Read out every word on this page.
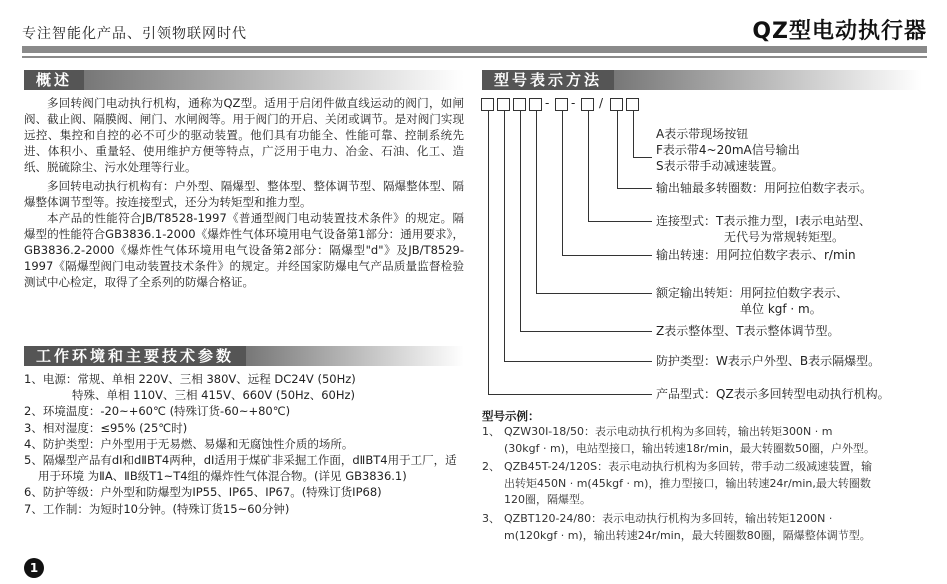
专注智能化产品、引领物联网时代	QZ型电动执行器
概述

多回转阀门电动执行机构，通称为QZ型。适用于启闭件做直线运动的阀门，如闸阀、截止阀、隔膜阀、闸门、水闸阀等。用于阀门的开启、关闭或调节。是对阀门实现远控、集控和自控的必不可少的驱动装置。他们具有功能全、性能可靠、控制系统先进、体积小、重量轻、使用维护方便等特点，广泛用于电力、冶金、石油、化工、造纸、脱硫除尘、污水处理等行业。

多回转电动执行机构有：户外型、隔爆型、整体型、整体调节型、隔爆整体型、隔爆整体调节型等。按连接型式，还分为转矩型和推力型。

本产品的性能符合JB/T8528-1997《普通型阀门电动装置技术条件》的规定。隔爆型的性能符合GB3836.1-2000《爆炸性气体环境用电气设备第1部分：通用要求》，GB3836.2-2000《爆炸性气体环境用电气设备第2部分：隔爆型"d"》及JB/T8529-1997《隔爆型阀门电动装置技术条件》的规定。并经国家防爆电气产品质量监督检验测试中心检定，取得了全系列的防爆合格证。

工作环境和主要技术参数
1、电源：常规、单相 220V、三相 380V、远程 DC24V (50Hz)
特殊、单相 110V、三相 415V、660V (50Hz、60Hz)
2、环境温度：-20~+60℃ (特殊订货-60~+80℃)
3、相对湿度：≤95% (25℃时)
4、防护类型：户外型用于无易燃、易爆和无腐蚀性介质的场所。
5、隔爆型产品有dⅠ和dⅡBT4两种，dⅠ适用于煤矿非采掘工作面，dⅡBT4用于工厂，适用于环境 为ⅡA、ⅡB级T1~T4组的爆炸性气体混合物。(详见 GB3836.1)
6、防护等级：户外型和防爆型为IP55、IP65、IP67。(特殊订货IP68)
7、工作制：为短时10分钟。(特殊订货15~60分钟)
型号表示方法
- - /
A表示带现场按钮
F表示带4~20mA信号输出
S表示带手动减速装置。
输出轴最多转圈数：用阿拉伯数字表示。
连接型式：T表示推力型，Ⅰ表示电站型、
无代号为常规转矩型。
输出转速：用阿拉伯数字表示、r/min
额定输出转矩：用阿拉伯数字表示、
单位 kgf · m。
Z表示整体型、T表示整体调节型。
防护类型：W表示户外型、B表示隔爆型。
产品型式：QZ表示多回转型电动执行机构。
型号示例：
1、 QZW30Ⅰ-18/50：表示电动执行机构为多回转，输出转矩300N · m
(30kgf · m)，电站型接口，输出转速18r/min，最大转圈数50圈，户外型。
2、 QZB45T-24/120S：表示电动执行机构为多回转，带手动二级减速装置，输
出转矩450N · m(45kgf · m)，推力型接口，输出转速24r/min,最大转圈数
120圈，隔爆型。
3、 QZBT120-24/80：表示电动执行机构为多回转，输出转矩1200N ·
m(120kgf · m)，输出转速24r/min，最大转圈数80圈，隔爆整体调节型。
1
